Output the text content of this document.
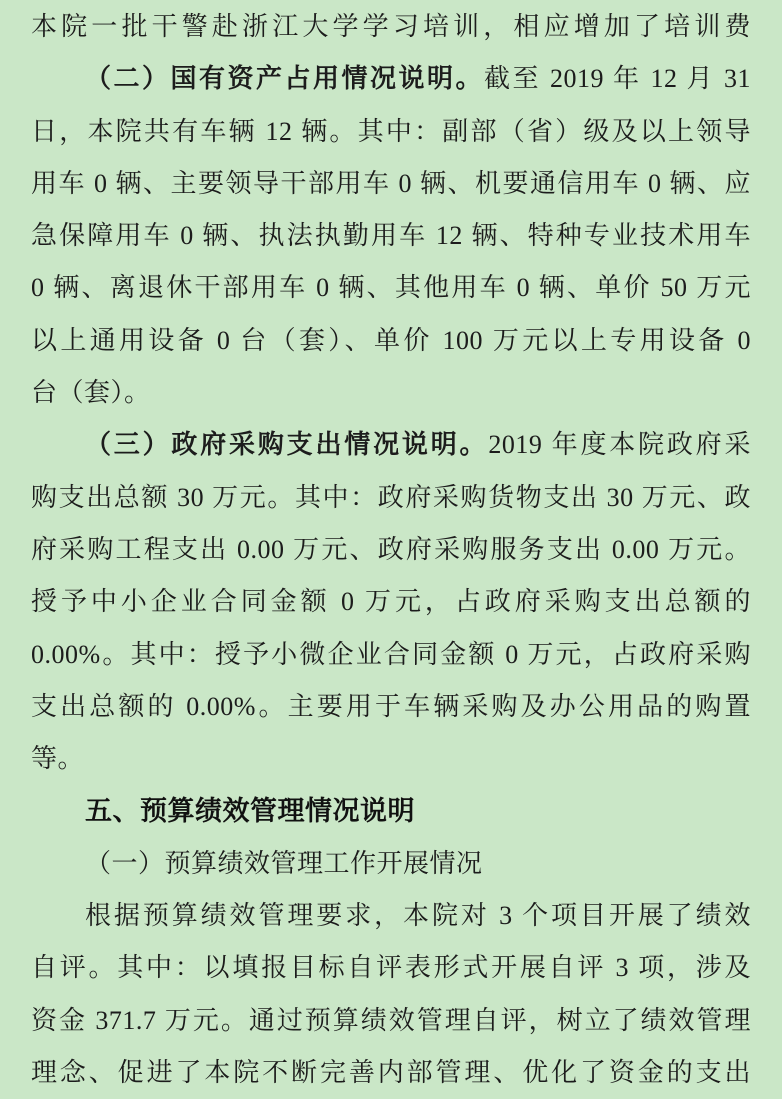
本院一批干警赴浙江大学学习培训，相应增加了培训费
（二）国有资产占用情况说明。截至 2019 年 12 月 31
日，本院共有车辆 12 辆。其中：副部（省）级及以上领导
用车 0 辆、主要领导干部用车 0 辆、机要通信用车 0 辆、应
急保障用车 0 辆、执法执勤用车 12 辆、特种专业技术用车
0 辆、离退休干部用车 0 辆、其他用车 0 辆、单价 50 万元
以上通用设备 0 台（套）、单价 100 万元以上专用设备 0
台（套）。
（三）政府采购支出情况说明。2019 年度本院政府采
购支出总额 30 万元。其中：政府采购货物支出 30 万元、政
府采购工程支出 0.00 万元、政府采购服务支出 0.00 万元。
授予中小企业合同金额 0 万元，占政府采购支出总额的
0.00%。其中：授予小微企业合同金额 0 万元，占政府采购
支出总额的 0.00%。主要用于车辆采购及办公用品的购置
等。
五、预算绩效管理情况说明
（一）预算绩效管理工作开展情况
根据预算绩效管理要求，本院对 3 个项目开展了绩效
自评。其中：以填报目标自评表形式开展自评 3 项，涉及
资金 371.7 万元。通过预算绩效管理自评，树立了绩效管理
理念、促进了本院不断完善内部管理、优化了资金的支出
